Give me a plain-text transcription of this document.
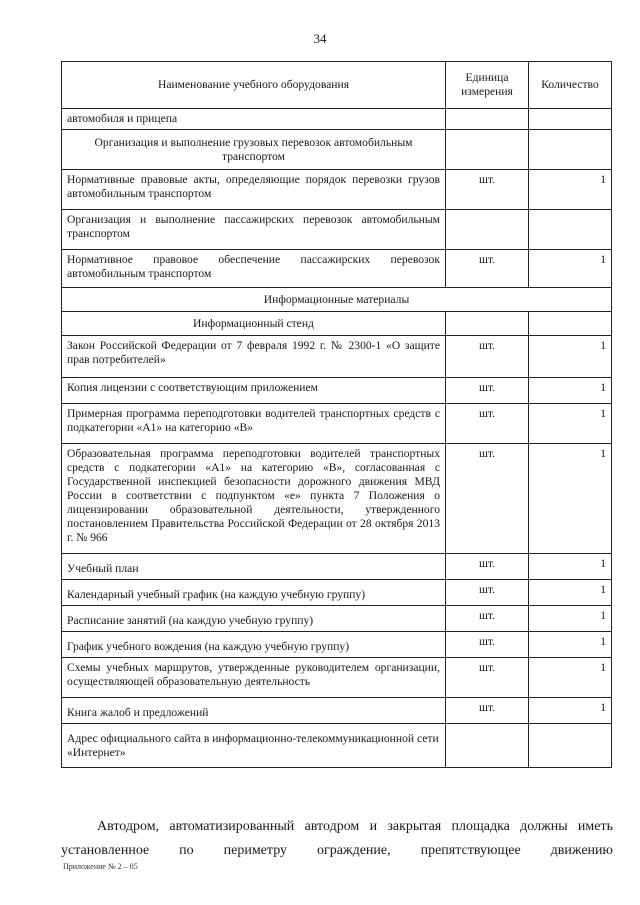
34
Наименование учебного оборудования	Единица измерения	Количество
автомобиля и прицепа		
Организация и выполнение грузовых перевозок автомобильным транспортом		
Нормативные правовые акты, определяющие порядок перевозки грузов автомобильным транспортом	шт.	1
Организация и выполнение пассажирских перевозок автомобильным транспортом		
Нормативное правовое обеспечение пассажирских перевозок автомобильным транспортом	шт.	1
Информационные материалы		
Информационный стенд		
Закон Российской Федерации от 7 февраля 1992 г. № 2300-1 «О защите прав потребителей»	шт.	1
Копия лицензии с соответствующим приложением	шт.	1
Примерная программа переподготовки водителей транспортных средств с подкатегории «A1» на категорию «B»	шт.	1
Образовательная программа переподготовки водителей транспортных средств с подкатегории «A1» на категорию «B», согласованная с Государственной инспекцией безопасности дорожного движения МВД России в соответствии с подпунктом «е» пункта 7 Положения о лицензировании образовательной деятельности, утвержденного постановлением Правительства Российской Федерации от 28 октября 2013 г. № 966	шт.	1
Учебный план	шт.	1
Календарный учебный график (на каждую учебную группу)	шт.	1
Расписание занятий (на каждую учебную группу)	шт.	1
График учебного вождения (на каждую учебную группу)	шт.	1
Схемы учебных маршрутов, утвержденные руководителем организации, осуществляющей образовательную деятельность	шт.	1
Книга жалоб и предложений	шт.	1
Адрес официального сайта в информационно-телекоммуникационной сети «Интернет»		

Автодром, автоматизированный автодром и закрытая площадка должны иметь установленное по периметру ограждение, препятствующее движению

Приложение № 2 – 05
